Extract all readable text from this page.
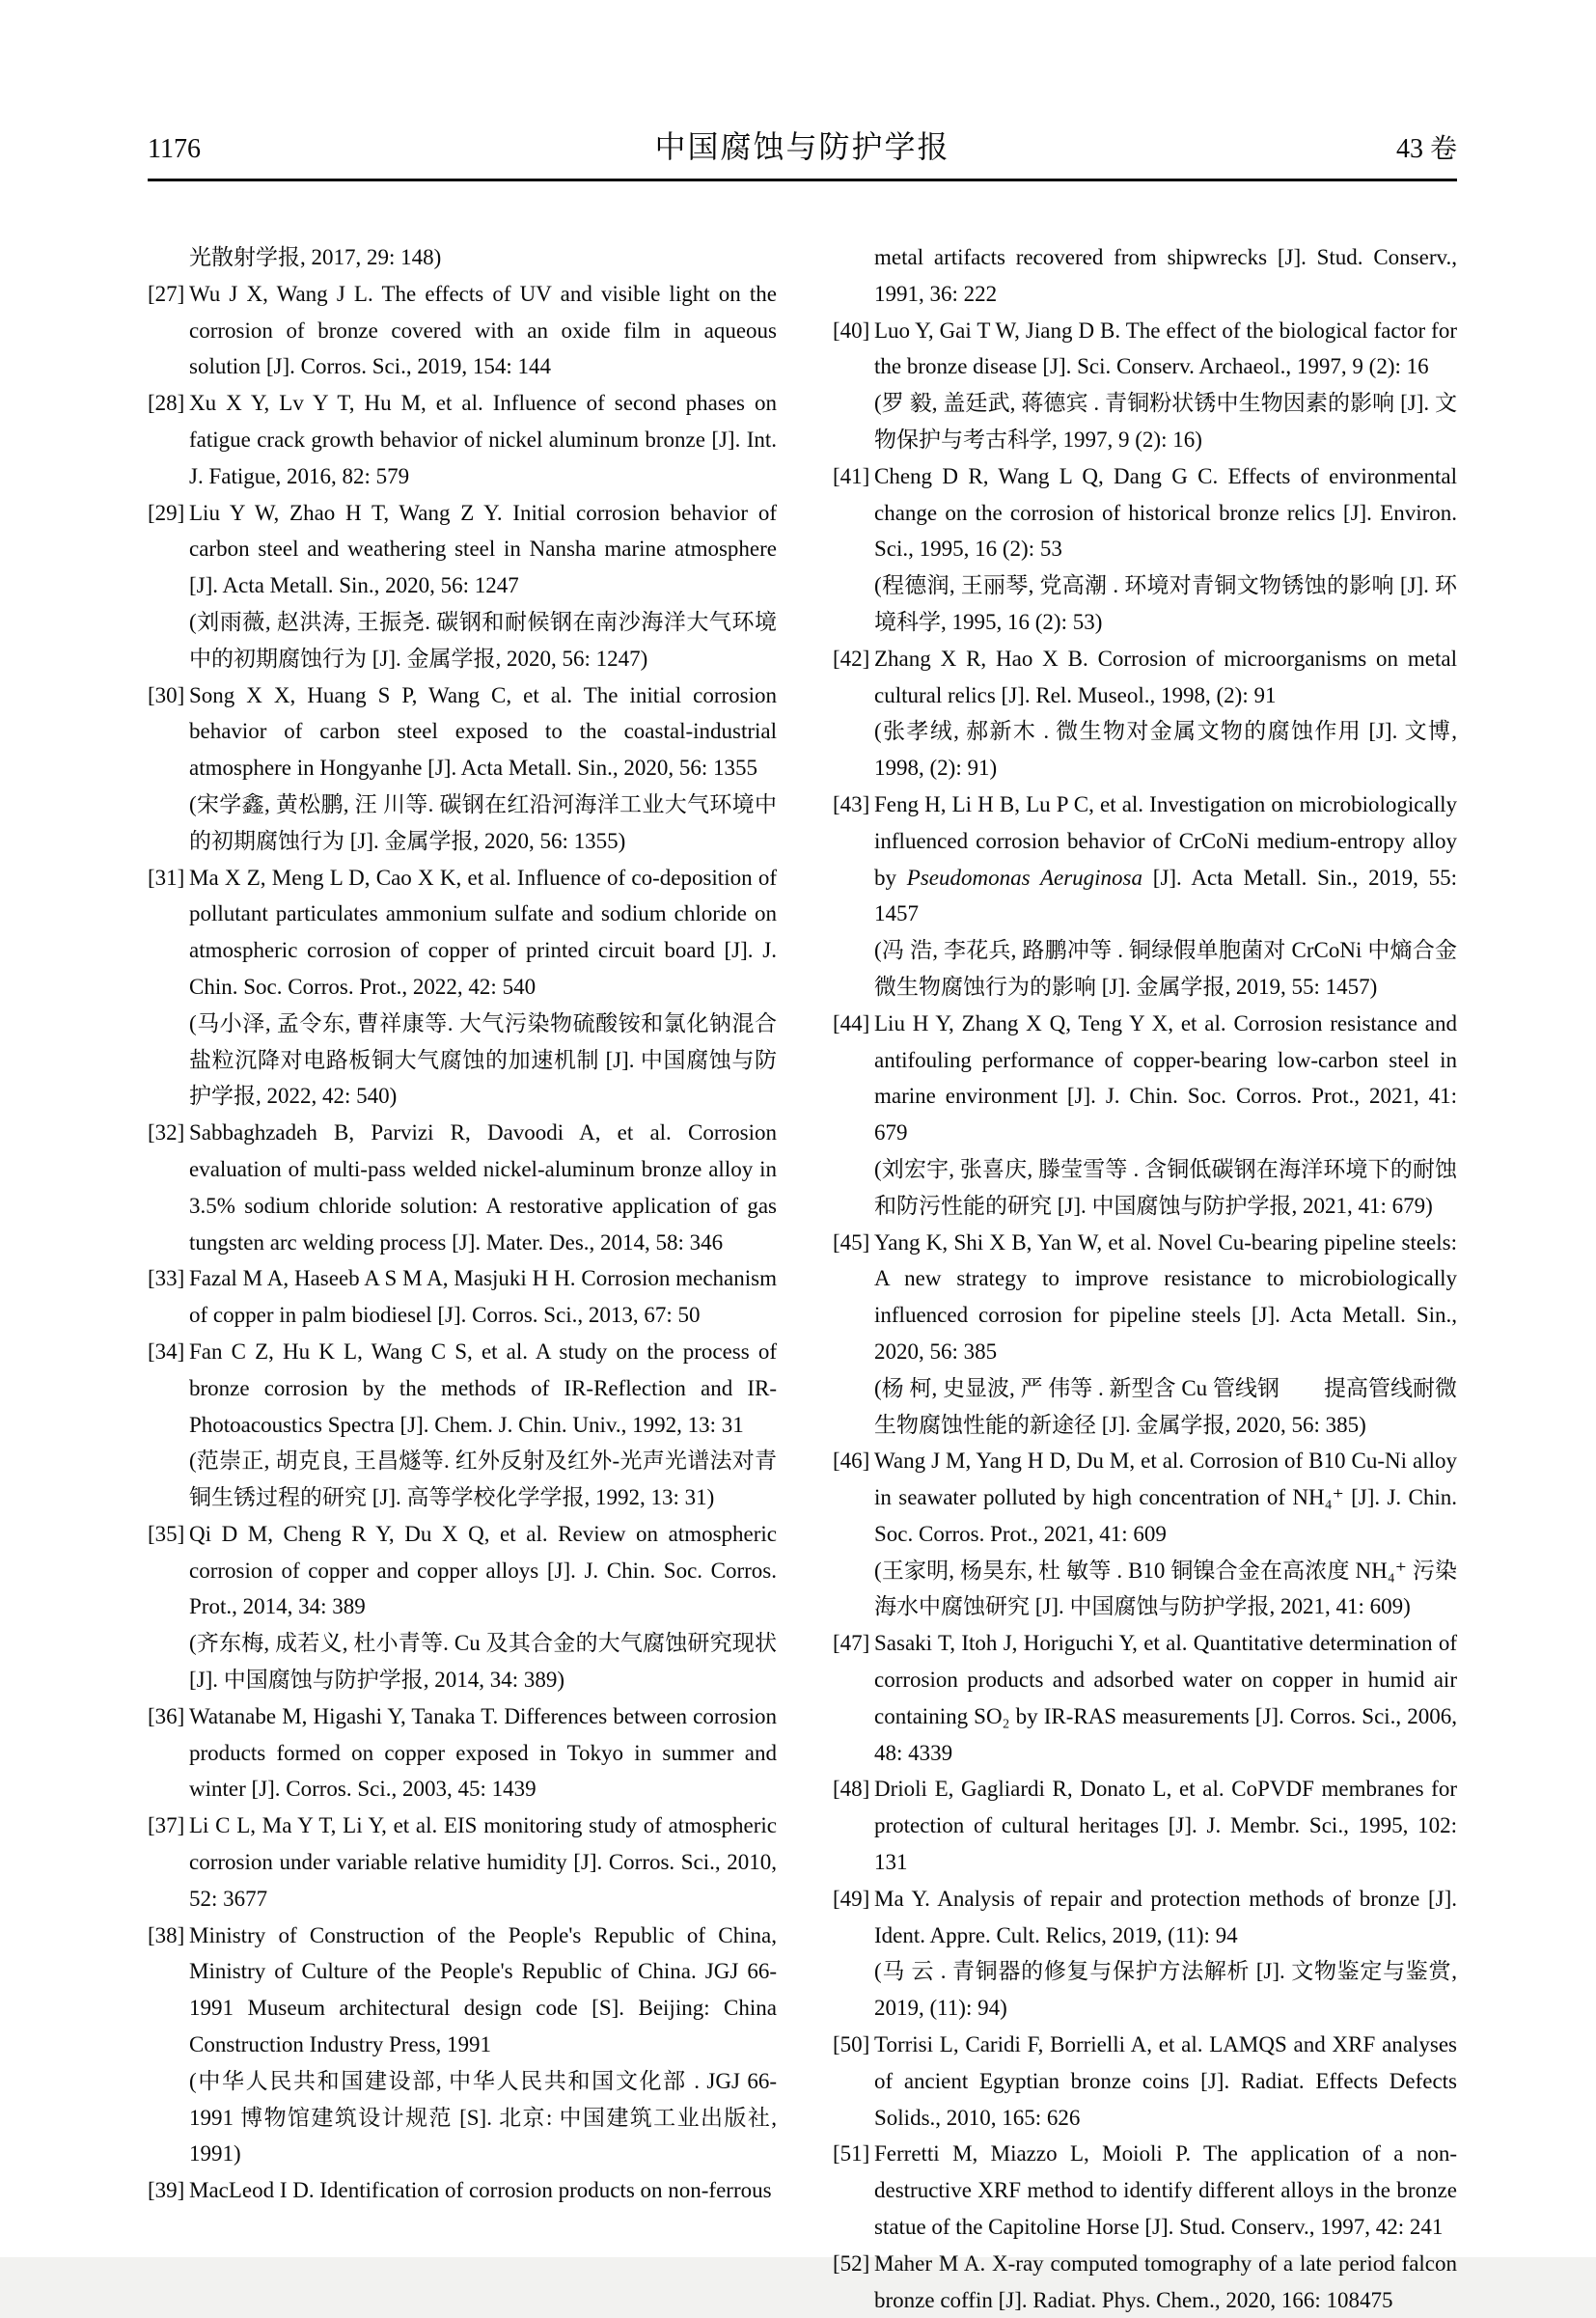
1176	中国腐蚀与防护学报	43 卷
光散射学报, 2017, 29: 148)
[27] Wu J X, Wang J L. The effects of UV and visible light on the corrosion of bronze covered with an oxide film in aqueous solution [J]. Corros. Sci., 2019, 154: 144
[28] Xu X Y, Lv Y T, Hu M, et al. Influence of second phases on fatigue crack growth behavior of nickel aluminum bronze [J]. Int. J. Fatigue, 2016, 82: 579
[29] Liu Y W, Zhao H T, Wang Z Y. Initial corrosion behavior of carbon steel and weathering steel in Nansha marine atmosphere [J]. Acta Metall. Sin., 2020, 56: 1247
(刘雨薇, 赵洪涛, 王振尧. 碳钢和耐候钢在南沙海洋大气环境中的初期腐蚀行为 [J]. 金属学报, 2020, 56: 1247)
[30] Song X X, Huang S P, Wang C, et al. The initial corrosion behavior of carbon steel exposed to the coastal-industrial atmosphere in Hongyanhe [J]. Acta Metall. Sin., 2020, 56: 1355
(宋学鑫, 黄松鹏, 汪 川等. 碳钢在红沿河海洋工业大气环境中的初期腐蚀行为 [J]. 金属学报, 2020, 56: 1355)
[31] Ma X Z, Meng L D, Cao X K, et al. Influence of co-deposition of pollutant particulates ammonium sulfate and sodium chloride on atmospheric corrosion of copper of printed circuit board [J]. J. Chin. Soc. Corros. Prot., 2022, 42: 540
(马小泽, 孟令东, 曹祥康等. 大气污染物硫酸铵和氯化钠混合盐粒沉降对电路板铜大气腐蚀的加速机制 [J]. 中国腐蚀与防护学报, 2022, 42: 540)
[32] Sabbaghzadeh B, Parvizi R, Davoodi A, et al. Corrosion evaluation of multi-pass welded nickel-aluminum bronze alloy in 3.5% sodium chloride solution: A restorative application of gas tungsten arc welding process [J]. Mater. Des., 2014, 58: 346
[33] Fazal M A, Haseeb A S M A, Masjuki H H. Corrosion mechanism of copper in palm biodiesel [J]. Corros. Sci., 2013, 67: 50
[34] Fan C Z, Hu K L, Wang C S, et al. A study on the process of bronze corrosion by the methods of IR-Reflection and IR-Photoacoustics Spectra [J]. Chem. J. Chin. Univ., 1992, 13: 31
(范崇正, 胡克良, 王昌燧等. 红外反射及红外-光声光谱法对青铜生锈过程的研究 [J]. 高等学校化学学报, 1992, 13: 31)
[35] Qi D M, Cheng R Y, Du X Q, et al. Review on atmospheric corrosion of copper and copper alloys [J]. J. Chin. Soc. Corros. Prot., 2014, 34: 389
(齐东梅, 成若义, 杜小青等. Cu 及其合金的大气腐蚀研究现状 [J]. 中国腐蚀与防护学报, 2014, 34: 389)
[36] Watanabe M, Higashi Y, Tanaka T. Differences between corrosion products formed on copper exposed in Tokyo in summer and winter [J]. Corros. Sci., 2003, 45: 1439
[37] Li C L, Ma Y T, Li Y, et al. EIS monitoring study of atmospheric corrosion under variable relative humidity [J]. Corros. Sci., 2010, 52: 3677
[38] Ministry of Construction of the People's Republic of China, Ministry of Culture of the People's Republic of China. JGJ 66-1991 Museum architectural design code [S]. Beijing: China Construction Industry Press, 1991
(中华人民共和国建设部, 中华人民共和国文化部 . JGJ 66-1991 博物馆建筑设计规范 [S]. 北京: 中国建筑工业出版社, 1991)
[39] MacLeod I D. Identification of corrosion products on non-ferrous
metal artifacts recovered from shipwrecks [J]. Stud. Conserv., 1991, 36: 222
[40] Luo Y, Gai T W, Jiang D B. The effect of the biological factor for the bronze disease [J]. Sci. Conserv. Archaeol., 1997, 9 (2): 16
(罗 毅, 盖廷武, 蒋德宾 . 青铜粉状锈中生物因素的影响 [J]. 文物保护与考古科学, 1997, 9 (2): 16)
[41] Cheng D R, Wang L Q, Dang G C. Effects of environmental change on the corrosion of historical bronze relics [J]. Environ. Sci., 1995, 16 (2): 53
(程德润, 王丽琴, 党高潮 . 环境对青铜文物锈蚀的影响 [J]. 环境科学, 1995, 16 (2): 53)
[42] Zhang X R, Hao X B. Corrosion of microorganisms on metal cultural relics [J]. Rel. Museol., 1998, (2): 91
(张孝绒, 郝新木 . 微生物对金属文物的腐蚀作用 [J]. 文博, 1998, (2): 91)
[43] Feng H, Li H B, Lu P C, et al. Investigation on microbiologically influenced corrosion behavior of CrCoNi medium-entropy alloy by Pseudomonas Aeruginosa [J]. Acta Metall. Sin., 2019, 55: 1457
(冯 浩, 李花兵, 路鹏冲等 . 铜绿假单胞菌对 CrCoNi 中熵合金微生物腐蚀行为的影响 [J]. 金属学报, 2019, 55: 1457)
[44] Liu H Y, Zhang X Q, Teng Y X, et al. Corrosion resistance and antifouling performance of copper-bearing low-carbon steel in marine environment [J]. J. Chin. Soc. Corros. Prot., 2021, 41: 679
(刘宏宇, 张喜庆, 滕莹雪等 . 含铜低碳钢在海洋环境下的耐蚀和防污性能的研究 [J]. 中国腐蚀与防护学报, 2021, 41: 679)
[45] Yang K, Shi X B, Yan W, et al. Novel Cu-bearing pipeline steels: A new strategy to improve resistance to microbiologically influenced corrosion for pipeline steels [J]. Acta Metall. Sin., 2020, 56: 385
(杨 柯, 史显波, 严 伟等 . 新型含 Cu 管线钢　　提高管线耐微生物腐蚀性能的新途径 [J]. 金属学报, 2020, 56: 385)
[46] Wang J M, Yang H D, Du M, et al. Corrosion of B10 Cu-Ni alloy in seawater polluted by high concentration of NH₄⁺ [J]. J. Chin. Soc. Corros. Prot., 2021, 41: 609
(王家明, 杨昊东, 杜 敏等 . B10 铜镍合金在高浓度 NH₄⁺ 污染海水中腐蚀研究 [J]. 中国腐蚀与防护学报, 2021, 41: 609)
[47] Sasaki T, Itoh J, Horiguchi Y, et al. Quantitative determination of corrosion products and adsorbed water on copper in humid air containing SO₂ by IR-RAS measurements [J]. Corros. Sci., 2006, 48: 4339
[48] Drioli E, Gagliardi R, Donato L, et al. CoPVDF membranes for protection of cultural heritages [J]. J. Membr. Sci., 1995, 102: 131
[49] Ma Y. Analysis of repair and protection methods of bronze [J]. Ident. Appre. Cult. Relics, 2019, (11): 94
(马 云 . 青铜器的修复与保护方法解析 [J]. 文物鉴定与鉴赏, 2019, (11): 94)
[50] Torrisi L, Caridi F, Borrielli A, et al. LAMQS and XRF analyses of ancient Egyptian bronze coins [J]. Radiat. Effects Defects Solids., 2010, 165: 626
[51] Ferretti M, Miazzo L, Moioli P. The application of a non-destructive XRF method to identify different alloys in the bronze statue of the Capitoline Horse [J]. Stud. Conserv., 1997, 42: 241
[52] Maher M A. X-ray computed tomography of a late period falcon bronze coffin [J]. Radiat. Phys. Chem., 2020, 166: 108475
